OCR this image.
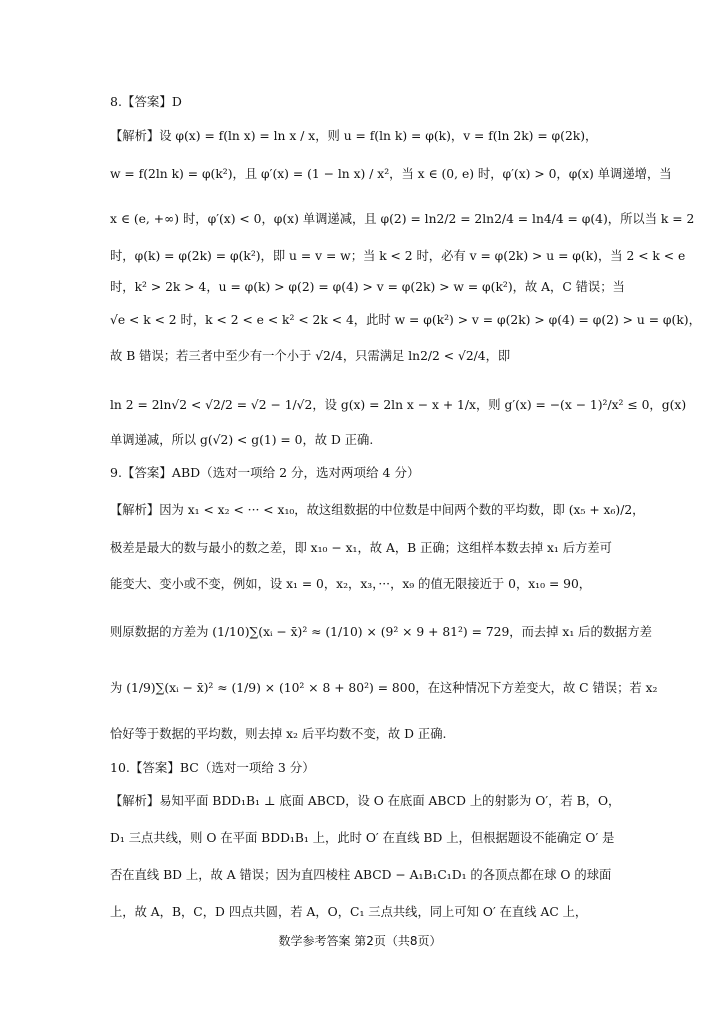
8.【答案】D
【解析】设 φ(x) = f(ln x) = ln x / x，则 u = f(ln k) = φ(k)，v = f(ln 2k) = φ(2k)，
w = f(2ln k) = φ(k²)，且 φ′(x) = (1 − ln x) / x²，当 x ∈ (0, e) 时，φ′(x) > 0，φ(x) 单调递增，当
x ∈ (e, +∞) 时，φ′(x) < 0，φ(x) 单调递减，且 φ(2) = ln2/2 = 2ln2/4 = ln4/4 = φ(4)，所以当 k = 2
时，φ(k) = φ(2k) = φ(k²)，即 u = v = w；当 k < 2 时，必有 v = φ(2k) > u = φ(k)，当 2 < k < e
时，k² > 2k > 4，u = φ(k) > φ(2) = φ(4) > v = φ(2k) > w = φ(k²)，故 A，C 错误；当
√e < k < 2 时，k < 2 < e < k² < 2k < 4，此时 w = φ(k²) > v = φ(2k) > φ(4) = φ(2) > u = φ(k)，
故 B 错误；若三者中至少有一个小于 √2/4，只需满足 ln2/2 < √2/4，即
ln 2 = 2ln√2 < √2/2 = √2 − 1/√2，设 g(x) = 2ln x − x + 1/x，则 g′(x) = −(x − 1)²/x² ≤ 0，g(x)
单调递减，所以 g(√2) < g(1) = 0，故 D 正确.
9.【答案】ABD（选对一项给 2 分，选对两项给 4 分）
【解析】因为 x₁ < x₂ < ··· < x₁₀，故这组数据的中位数是中间两个数的平均数，即 (x₅ + x₆)/2，
极差是最大的数与最小的数之差，即 x₁₀ − x₁，故 A，B 正确；这组样本数去掉 x₁ 后方差可
能变大、变小或不变，例如，设 x₁ = 0，x₂，x₃，···，x₉ 的值无限接近于 0，x₁₀ = 90，
则原数据的方差为 (1/10)∑(xᵢ − x̄)² ≈ (1/10) × (9² × 9 + 81²) = 729，而去掉 x₁ 后的数据方差
为 (1/9)∑(xᵢ − x̄)² ≈ (1/9) × (10² × 8 + 80²) = 800，在这种情况下方差变大，故 C 错误；若 x₂
恰好等于数据的平均数，则去掉 x₂ 后平均数不变，故 D 正确.
10.【答案】BC（选对一项给 3 分）
【解析】易知平面 BDD₁B₁ ⊥ 底面 ABCD，设 O 在底面 ABCD 上的射影为 O′，若 B，O，
D₁ 三点共线，则 O 在平面 BDD₁B₁ 上，此时 O′ 在直线 BD 上，但根据题设不能确定 O′ 是
否在直线 BD 上，故 A 错误；因为直四棱柱 ABCD − A₁B₁C₁D₁ 的各顶点都在球 O 的球面
上，故 A，B，C，D 四点共圆，若 A，O，C₁ 三点共线，同上可知 O′ 在直线 AC 上，
数学参考答案 第2页（共8页）
